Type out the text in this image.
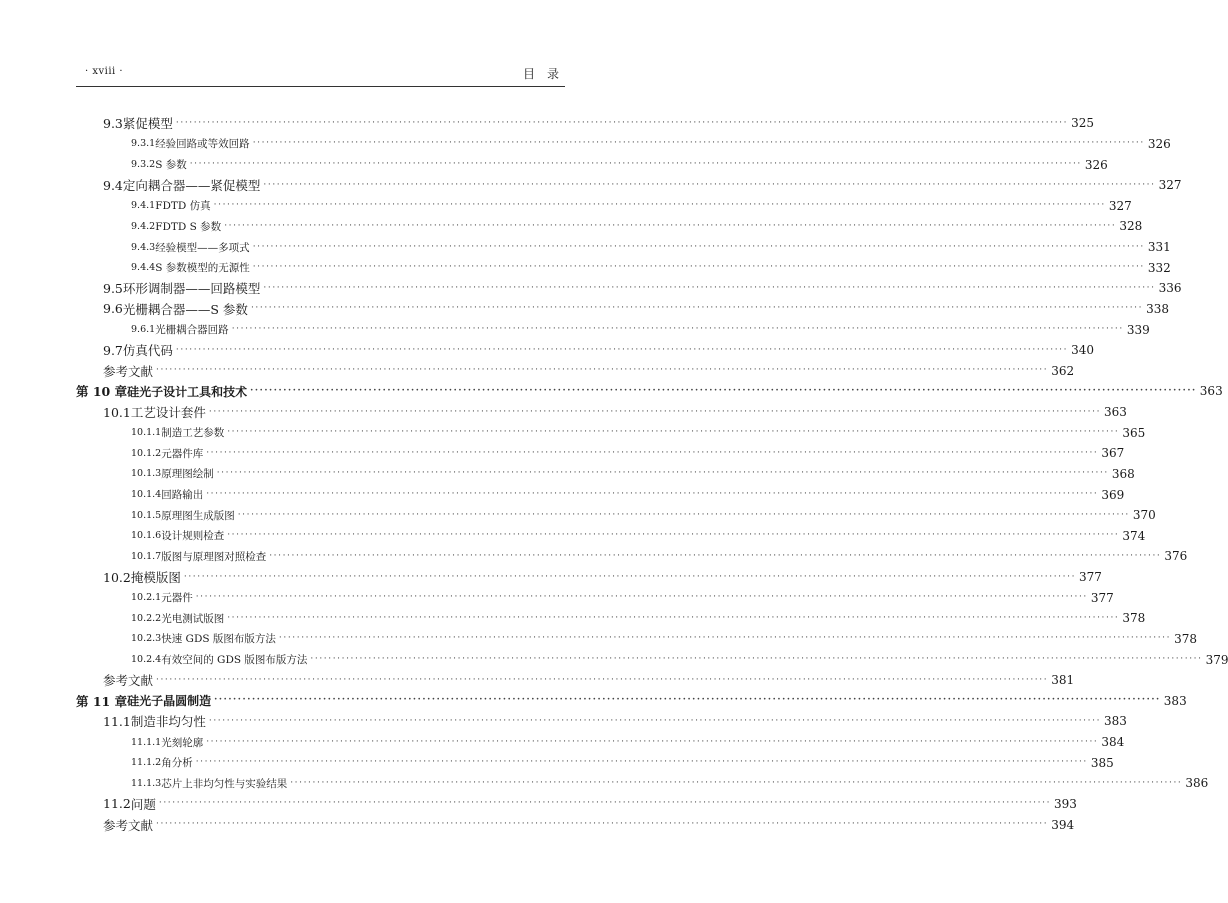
· xviii ·	目　录
9.3 紧促模型 ········································································································································································································ 325
9.3.1 经验回路或等效回路 ········································································································································································································ 326
9.3.2 S 参数 ········································································································································································································ 326
9.4 定向耦合器——紧促模型 ········································································································································································································ 327
9.4.1 FDTD 仿真 ········································································································································································································ 327
9.4.2 FDTD S 参数 ········································································································································································································ 328
9.4.3 经验模型——多项式 ········································································································································································································ 331
9.4.4 S 参数模型的无源性 ········································································································································································································ 332
9.5 环形调制器——回路模型 ········································································································································································································ 336
9.6 光栅耦合器——S 参数 ········································································································································································································ 338
9.6.1 光栅耦合器回路 ········································································································································································································ 339
9.7 仿真代码 ········································································································································································································ 340
参考文献 ········································································································································································································ 362
第 10 章 硅光子设计工具和技术 ········································································································································································································ 363
10.1 工艺设计套件 ········································································································································································································ 363
10.1.1 制造工艺参数 ········································································································································································································ 365
10.1.2 元器件库 ········································································································································································································ 367
10.1.3 原理图绘制 ········································································································································································································ 368
10.1.4 回路输出 ········································································································································································································ 369
10.1.5 原理图生成版图 ········································································································································································································ 370
10.1.6 设计规则检查 ········································································································································································································ 374
10.1.7 版图与原理图对照检查 ········································································································································································································ 376
10.2 掩模版图 ········································································································································································································ 377
10.2.1 元器件 ········································································································································································································ 377
10.2.2 光电测试版图 ········································································································································································································ 378
10.2.3 快速 GDS 版图布版方法 ········································································································································································································ 378
10.2.4 有效空间的 GDS 版图布版方法 ········································································································································································································ 379
参考文献 ········································································································································································································ 381
第 11 章 硅光子晶圆制造 ········································································································································································································ 383
11.1 制造非均匀性 ········································································································································································································ 383
11.1.1 光刻轮廓 ········································································································································································································ 384
11.1.2 角分析 ········································································································································································································ 385
11.1.3 芯片上非均匀性与实验结果 ········································································································································································································ 386
11.2 问题 ········································································································································································································ 393
参考文献 ········································································································································································································ 394
